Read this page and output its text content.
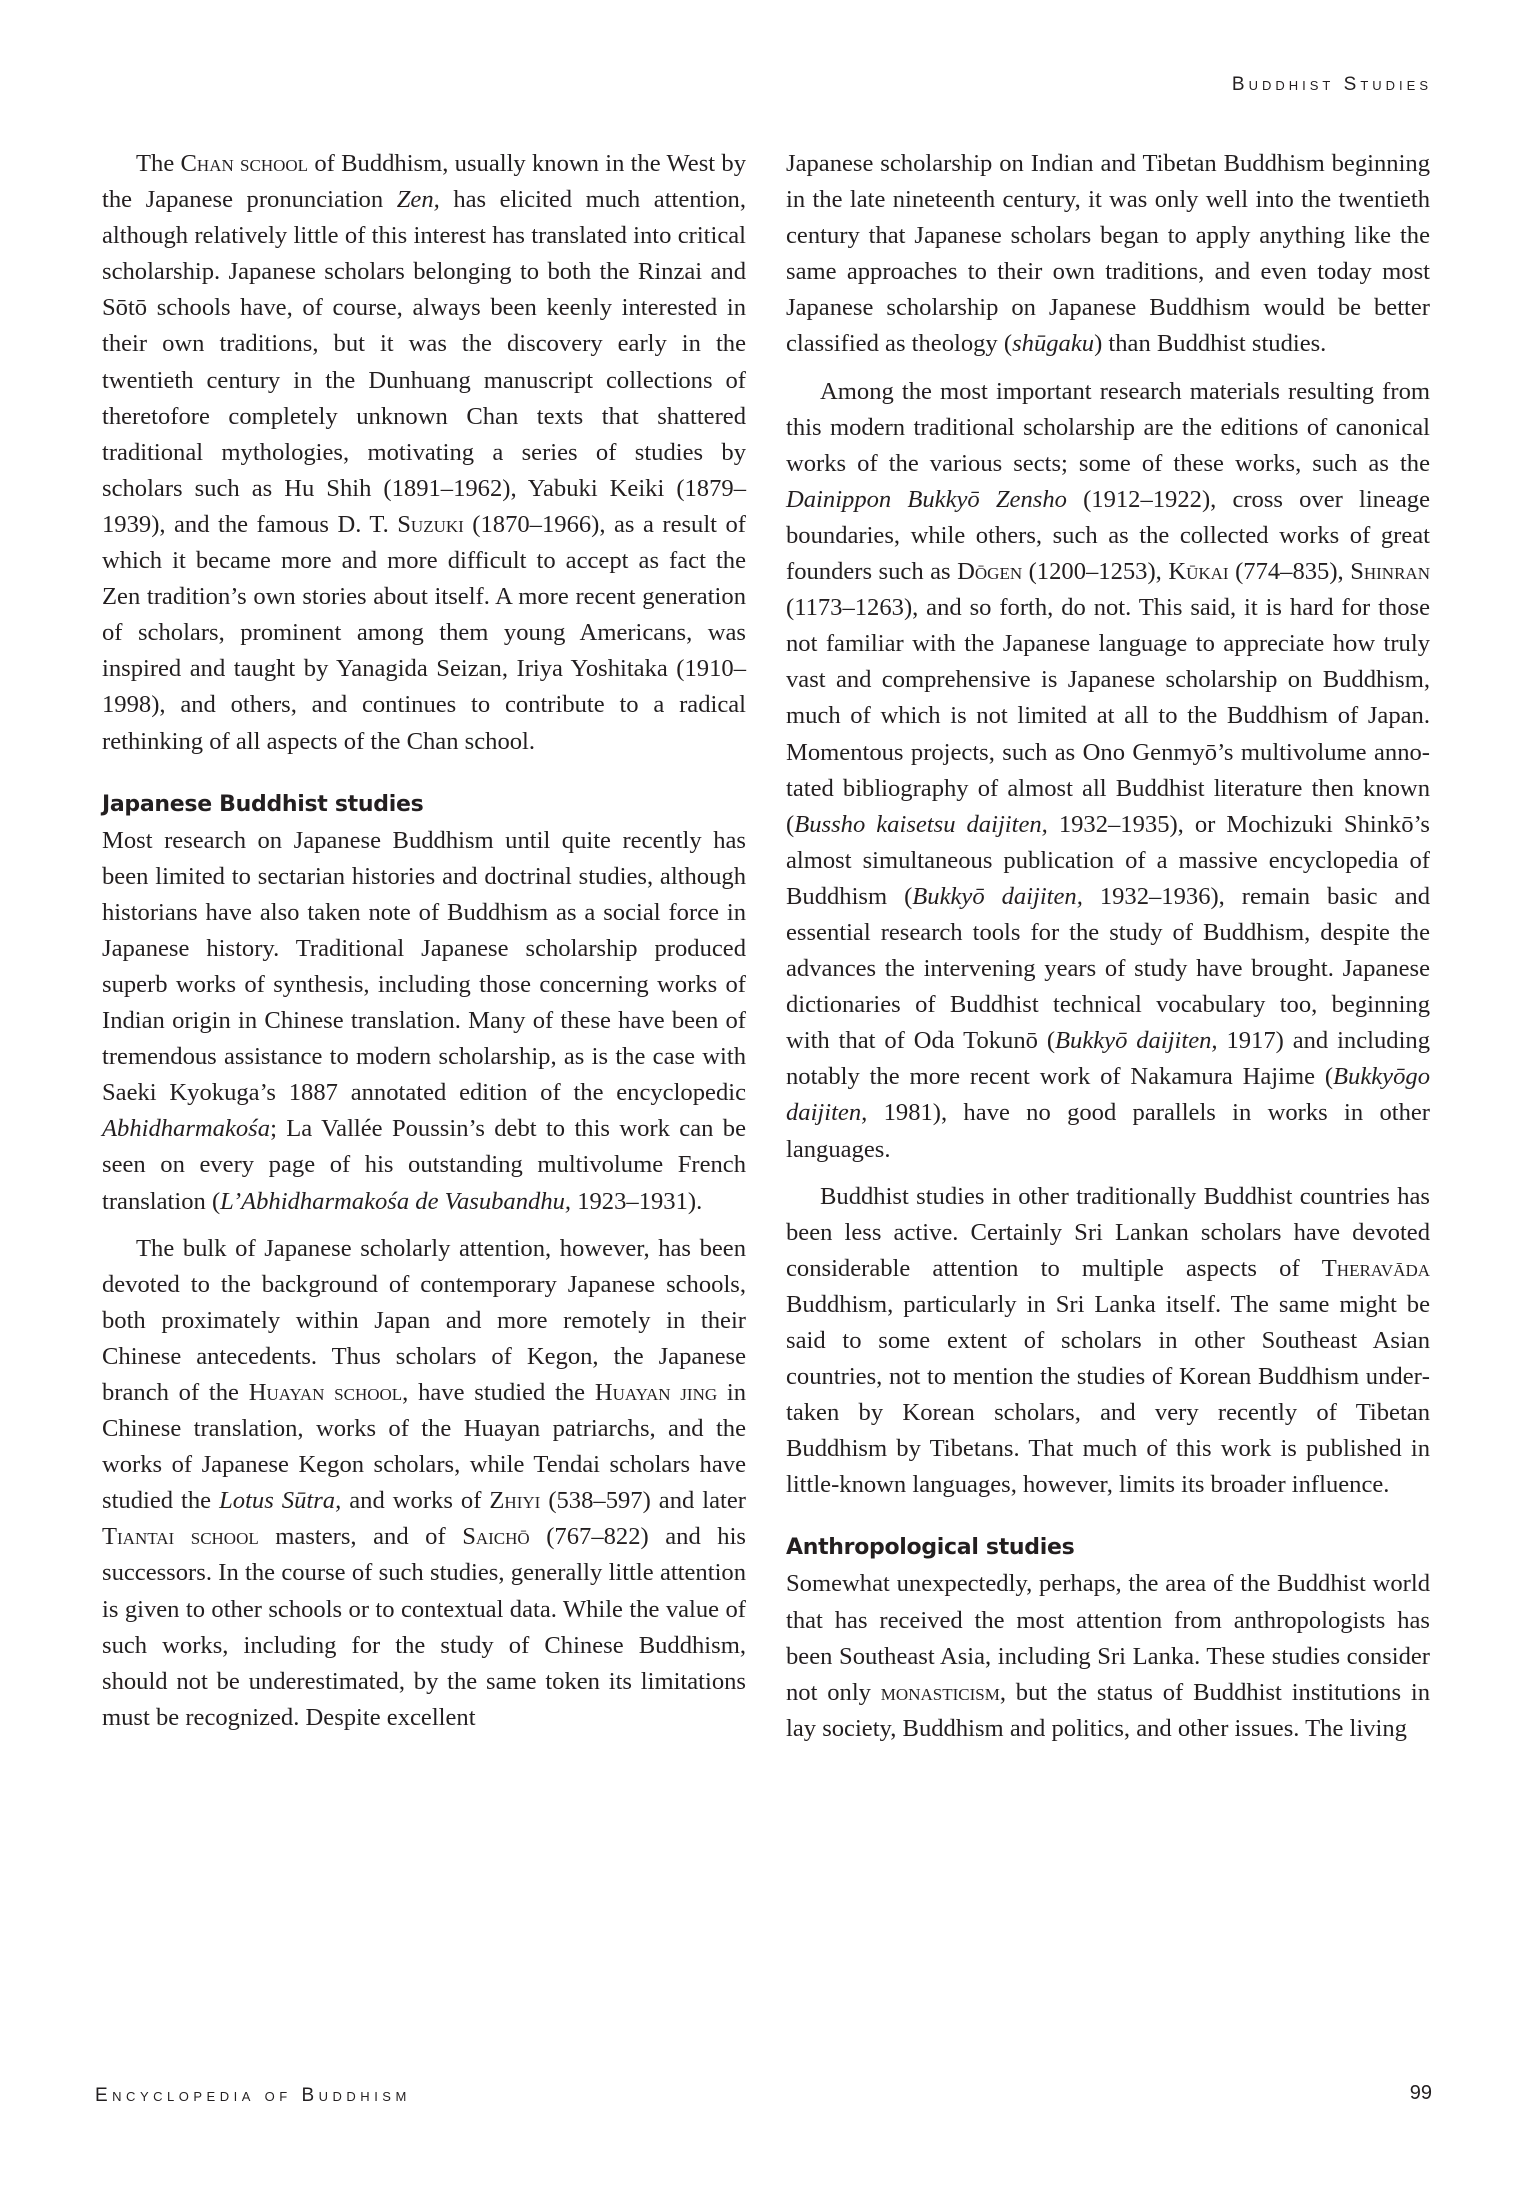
Buddhist Studies

The Chan school of Buddhism, usually known in the West by the Japanese pronunciation Zen, has elicited much attention, although relatively little of this interest has translated into critical scholarship. Japanese scholars belonging to both the Rinzai and Sōtō schools have, of course, always been keenly interested in their own traditions, but it was the discovery early in the twentieth century in the Dunhuang manuscript collections of theretofore completely unknown Chan texts that shattered traditional mythologies, motivating a series of studies by scholars such as Hu Shih (1891–1962), Yabuki Keiki (1879–1939), and the famous D. T. Suzuki (1870–1966), as a result of which it became more and more difficult to accept as fact the Zen tradition’s own stories about itself. A more recent generation of scholars, prominent among them young Americans, was inspired and taught by Yanagida Seizan, Iriya Yoshitaka (1910–1998), and others, and continues to contribute to a radical rethinking of all aspects of the Chan school.

Japanese Buddhist studies

Most research on Japanese Buddhism until quite recently has been limited to sectarian histories and doctrinal studies, although historians have also taken note of Buddhism as a social force in Japanese history. Traditional Japanese scholarship produced superb works of synthesis, including those concerning works of Indian origin in Chinese translation. Many of these have been of tremendous assistance to modern scholarship, as is the case with Saeki Kyokuga’s 1887 annotated edition of the encyclopedic Abhidharmakośa; La Vallée Poussin’s debt to this work can be seen on every page of his outstanding multivolume French translation (L’Abhidharmakośa de Vasubandhu, 1923–1931).

The bulk of Japanese scholarly attention, however, has been devoted to the background of contemporary Japanese schools, both proximately within Japan and more remotely in their Chinese antecedents. Thus scholars of Kegon, the Japanese branch of the Huayan school, have studied the Huayan jing in Chinese translation, works of the Huayan patriarchs, and the works of Japanese Kegon scholars, while Tendai scholars have studied the Lotus Sūtra, and works of Zhiyi (538–597) and later Tiantai school masters, and of Saichō (767–822) and his successors. In the course of such studies, generally little attention is given to other schools or to contextual data. While the value of such works, including for the study of Chinese Buddhism, should not be underestimated, by the same token its limitations must be recognized. Despite excellent

Japanese scholarship on Indian and Tibetan Buddhism beginning in the late nineteenth century, it was only well into the twentieth century that Japanese scholars began to apply anything like the same approaches to their own traditions, and even today most Japanese scholarship on Japanese Buddhism would be better classified as theology (shūgaku) than Buddhist studies.

Among the most important research materials resulting from this modern traditional scholarship are the editions of canonical works of the various sects; some of these works, such as the Dainippon Bukkyō Zensho (1912–1922), cross over lineage boundaries, while others, such as the collected works of great founders such as Dōgen (1200–1253), Kūkai (774–835), Shinran (1173–1263), and so forth, do not. This said, it is hard for those not familiar with the Japanese language to appreciate how truly vast and comprehensive is Japanese scholarship on Buddhism, much of which is not limited at all to the Buddhism of Japan. Momentous projects, such as Ono Genmyō’s multivolume annotated bibliography of almost all Buddhist literature then known (Bussho kaisetsu daijiten, 1932–1935), or Mochizuki Shinkō’s almost simultaneous publication of a massive encyclopedia of Buddhism (Bukkyō daijiten, 1932–1936), remain basic and essential research tools for the study of Buddhism, despite the advances the intervening years of study have brought. Japanese dictionaries of Buddhist technical vocabulary too, beginning with that of Oda Tokunō (Bukkyō daijiten, 1917) and including notably the more recent work of Nakamura Hajime (Bukkyōgo daijiten, 1981), have no good parallels in works in other languages.

Buddhist studies in other traditionally Buddhist countries has been less active. Certainly Sri Lankan scholars have devoted considerable attention to multiple aspects of Theravāda Buddhism, particularly in Sri Lanka itself. The same might be said to some extent of scholars in other Southeast Asian countries, not to mention the studies of Korean Buddhism undertaken by Korean scholars, and very recently of Tibetan Buddhism by Tibetans. That much of this work is published in little-known languages, however, limits its broader influence.

Anthropological studies

Somewhat unexpectedly, perhaps, the area of the Buddhist world that has received the most attention from anthropologists has been Southeast Asia, including Sri Lanka. These studies consider not only monasticism, but the status of Buddhist institutions in lay society, Buddhism and politics, and other issues. The living

Encyclopedia of Buddhism	99
